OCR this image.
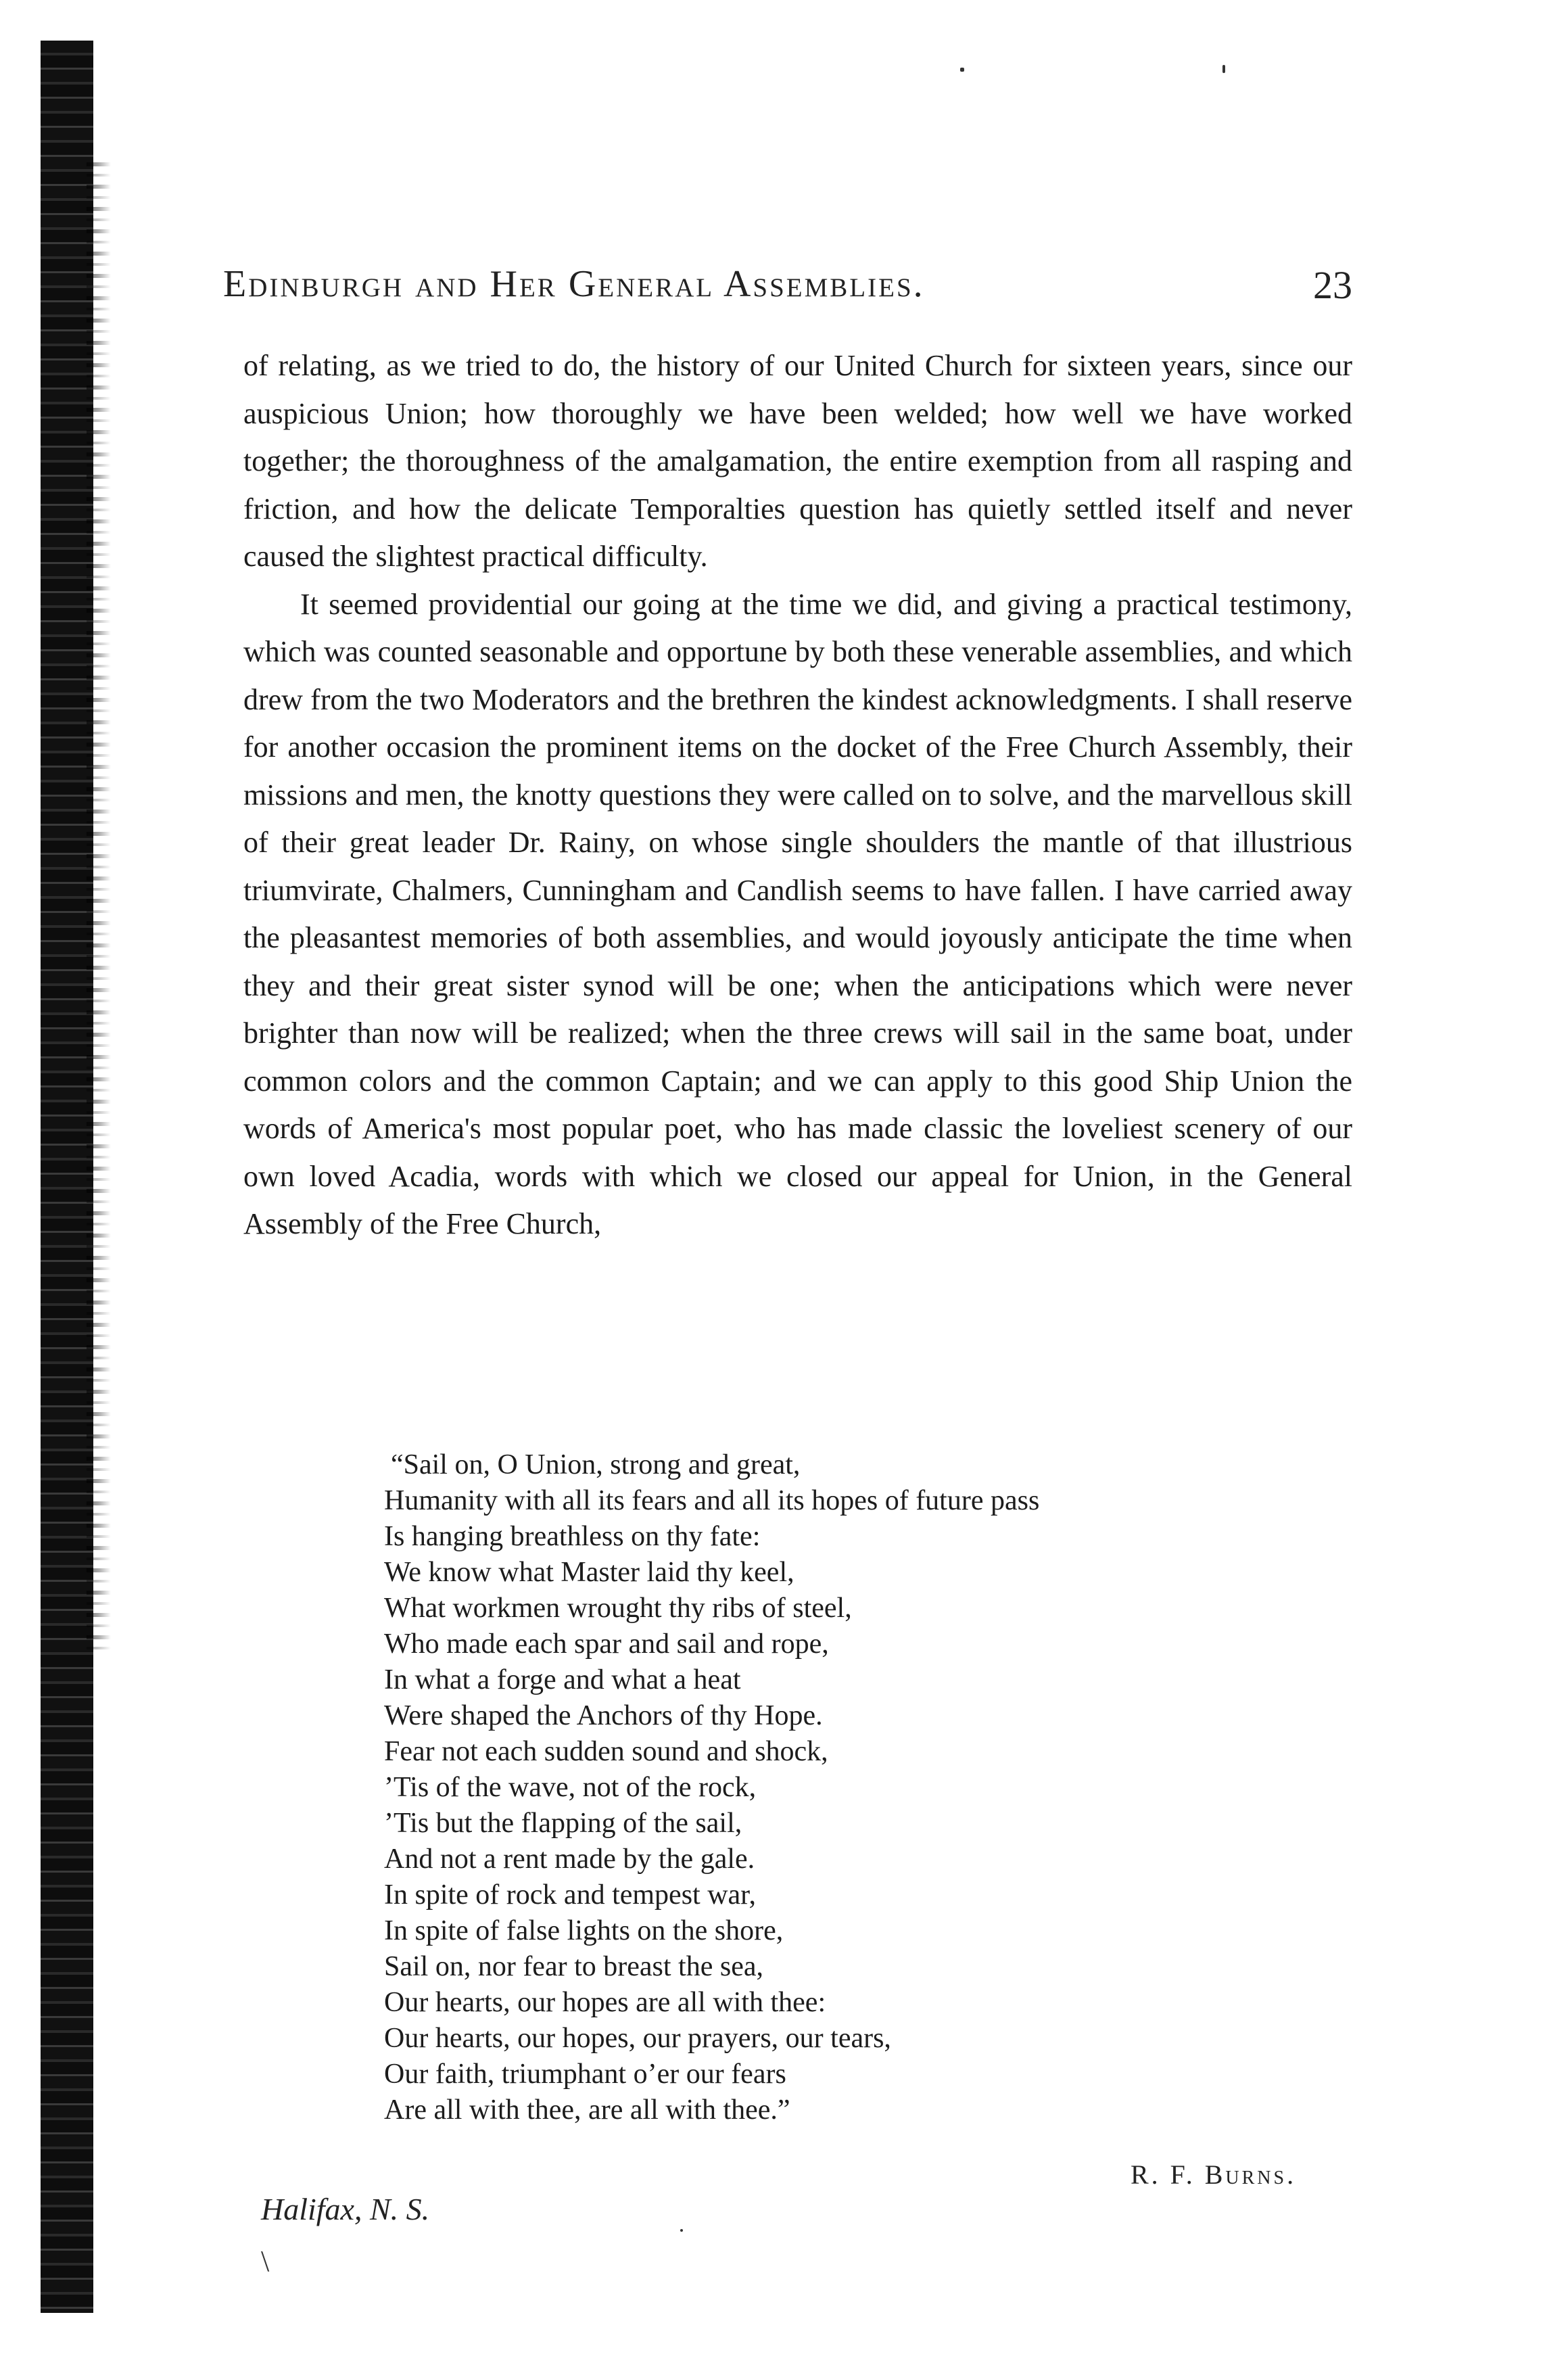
Edinburgh and Her General Assemblies.	23

of relating, as we tried to do, the history of our United Church for sixteen years, since our auspicious Union; how thoroughly we have been welded; how well we have worked together; the thoroughness of the amalgamation, the entire exemption from all rasping and friction, and how the delicate Temporalties question has quietly settled itself and never caused the slightest practical difficulty.

It seemed providential our going at the time we did, and giving a practical testimony, which was counted seasonable and opportune by both these venerable assemblies, and which drew from the two Moderators and the brethren the kindest acknowledgments. I shall reserve for another occasion the prominent items on the docket of the Free Church Assembly, their missions and men, the knotty questions they were called on to solve, and the marvellous skill of their great leader Dr. Rainy, on whose single shoulders the mantle of that illustrious triumvirate, Chalmers, Cunningham and Candlish seems to have fallen. I have carried away the pleasantest memories of both assemblies, and would joyously anticipate the time when they and their great sister synod will be one; when the anticipations which were never brighter than now will be realized; when the three crews will sail in the same boat, under common colors and the common Captain; and we can apply to this good Ship Union the words of America's most popular poet, who has made classic the loveliest scenery of our own loved Acadia, words with which we closed our appeal for Union, in the General Assembly of the Free Church,

“Sail on, O Union, strong and great,
Humanity with all its fears and all its hopes of future pass
Is hanging breathless on thy fate:
We know what Master laid thy keel,
What workmen wrought thy ribs of steel,
Who made each spar and sail and rope,
In what a forge and what a heat
Were shaped the Anchors of thy Hope.
Fear not each sudden sound and shock,
’Tis of the wave, not of the rock,
’Tis but the flapping of the sail,
And not a rent made by the gale.
In spite of rock and tempest war,
In spite of false lights on the shore,
Sail on, nor fear to breast the sea,
Our hearts, our hopes are all with thee:
Our hearts, our hopes, our prayers, our tears,
Our faith, triumphant o’er our fears
Are all with thee, are all with thee.”
R. F. Burns.
Halifax, N. S.
\
